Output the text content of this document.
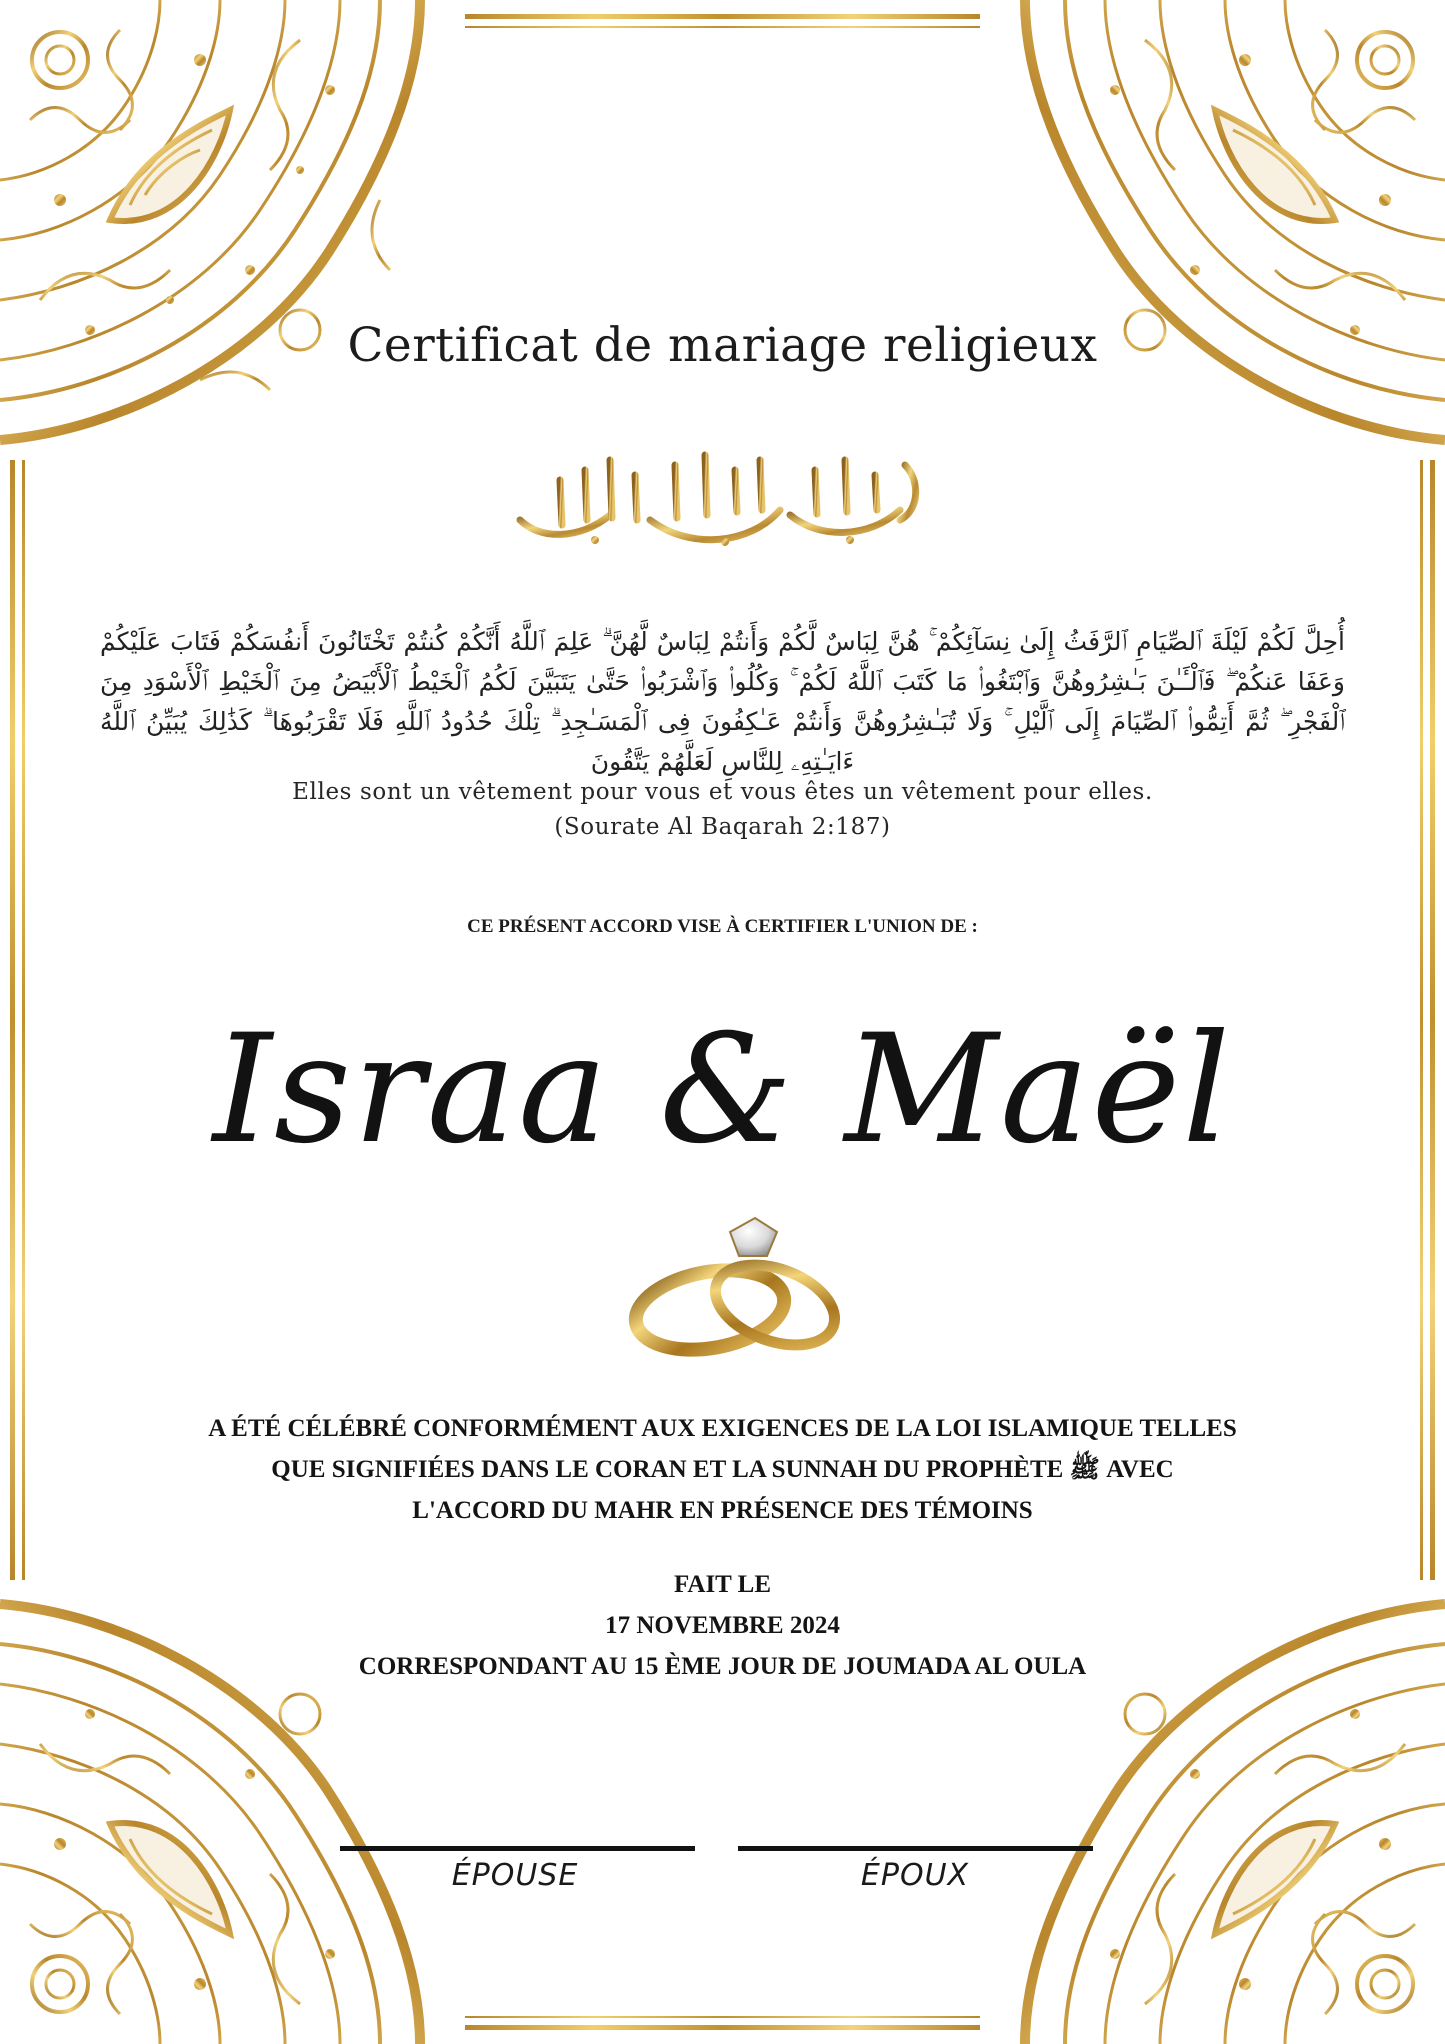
Certificat de mariage religieux
أُحِلَّ لَكُمْ لَيْلَةَ ٱلصِّيَامِ ٱلرَّفَثُ إِلَىٰ نِسَآئِكُمْ ۚ هُنَّ لِبَاسٌ لَّكُمْ وَأَنتُمْ لِبَاسٌ لَّهُنَّ ۗ عَلِمَ ٱللَّهُ أَنَّكُمْ كُنتُمْ تَخْتَانُونَ أَنفُسَكُمْ فَتَابَ عَلَيْكُمْ وَعَفَا عَنكُمْ ۖ فَٱلْـَٔـٰنَ بَـٰشِرُوهُنَّ وَٱبْتَغُوا۟ مَا كَتَبَ ٱللَّهُ لَكُمْ ۚ وَكُلُوا۟ وَٱشْرَبُوا۟ حَتَّىٰ يَتَبَيَّنَ لَكُمُ ٱلْخَيْطُ ٱلْأَبْيَضُ مِنَ ٱلْخَيْطِ ٱلْأَسْوَدِ مِنَ ٱلْفَجْرِ ۖ ثُمَّ أَتِمُّوا۟ ٱلصِّيَامَ إِلَى ٱلَّيْلِ ۚ وَلَا تُبَـٰشِرُوهُنَّ وَأَنتُمْ عَـٰكِفُونَ فِى ٱلْمَسَـٰجِدِ ۗ تِلْكَ حُدُودُ ٱللَّهِ فَلَا تَقْرَبُوهَا ۗ كَذَٰلِكَ يُبَيِّنُ ٱللَّهُ ءَايَـٰتِهِۦ لِلنَّاسِ لَعَلَّهُمْ يَتَّقُونَ
Elles sont un vêtement pour vous et vous êtes un vêtement pour elles.
(Sourate Al Baqarah 2:187)
CE PRÉSENT ACCORD VISE À CERTIFIER L'UNION DE :
Israa & Maël
A ÉTÉ CÉLÉBRÉ CONFORMÉMENT AUX EXIGENCES DE LA LOI ISLAMIQUE TELLES
QUE SIGNIFIÉES DANS LE CORAN ET LA SUNNAH DU PROPHÈTE ﷺ AVEC
L'ACCORD DU MAHR EN PRÉSENCE DES TÉMOINS
FAIT LE
17 NOVEMBRE 2024
CORRESPONDANT AU 15 ÈME JOUR DE JOUMADA AL OULA
ÉPOUSE	ÉPOUX
